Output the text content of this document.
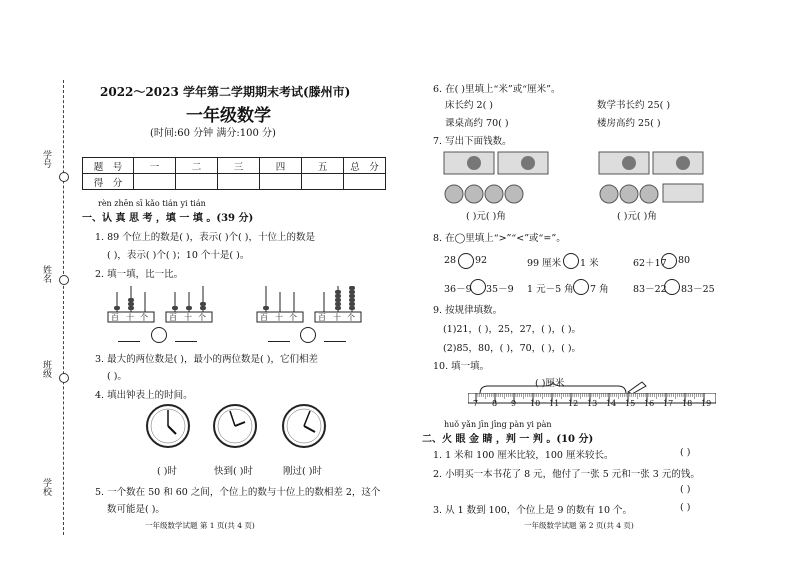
学号
姓名
班级
学校
2022～2023 学年第二学期期末考试(滕州市)
一年级数学
(时间:60 分钟 满分:100 分)
题　号	一	二	三	四	五	总　分
得　分						
rèn zhēn sī kǎo tián yi tián
一、认 真 思 考 ，填 一 填 。(39 分)
1. 89 个位上的数是( )，表示( )个( )，十位上的数是
( )，表示( )个( )；10 个十是( )。
2. 填一填，比一比。
百 十 个	百 十 个	百 十 个	百 十 个
3. 最大的两位数是( )，最小的两位数是( )，它们相差
( )。
4. 填出钟表上的时间。
( )时	快到( )时	刚过( )时
5. 一个数在 50 和 60 之间，个位上的数与十位上的数相差 2，这个
数可能是( )。
一年级数学试题 第 1 页(共 4 页)
6. 在( )里填上“米”或“厘米”。
床长约 2( )	数学书长约 25( )
课桌高约 70( )	楼房高约 25( )
7. 写出下面钱数。
( )元( )角	( )元( )角
8. 在◯里填上“>”“<”或“=”。
28 92	99 厘米 1 米	62＋17 80
36－9 35－9 1 元－5 角 7 角	83－22 83－25
9. 按规律填数。
(1)21，( )，25，27，( )，( )。
(2)85，80，( )，70，( )，( )。
10. 填一填。
( )厘米
7 8 9 10 11 12 13 14 15 16 17 18 19
huǒ yǎn jīn jīng pàn yi pàn
二、火 眼 金 睛 ，判 一 判 。(10 分)
1. 1 米和 100 厘米比较，100 厘米较长。	( )
2. 小明买一本书花了 8 元，他付了一张 5 元和一张 3 元的钱。
( )
3. 从 1 数到 100，个位上是 9 的数有 10 个。	( )
一年级数学试题 第 2 页(共 4 页)
